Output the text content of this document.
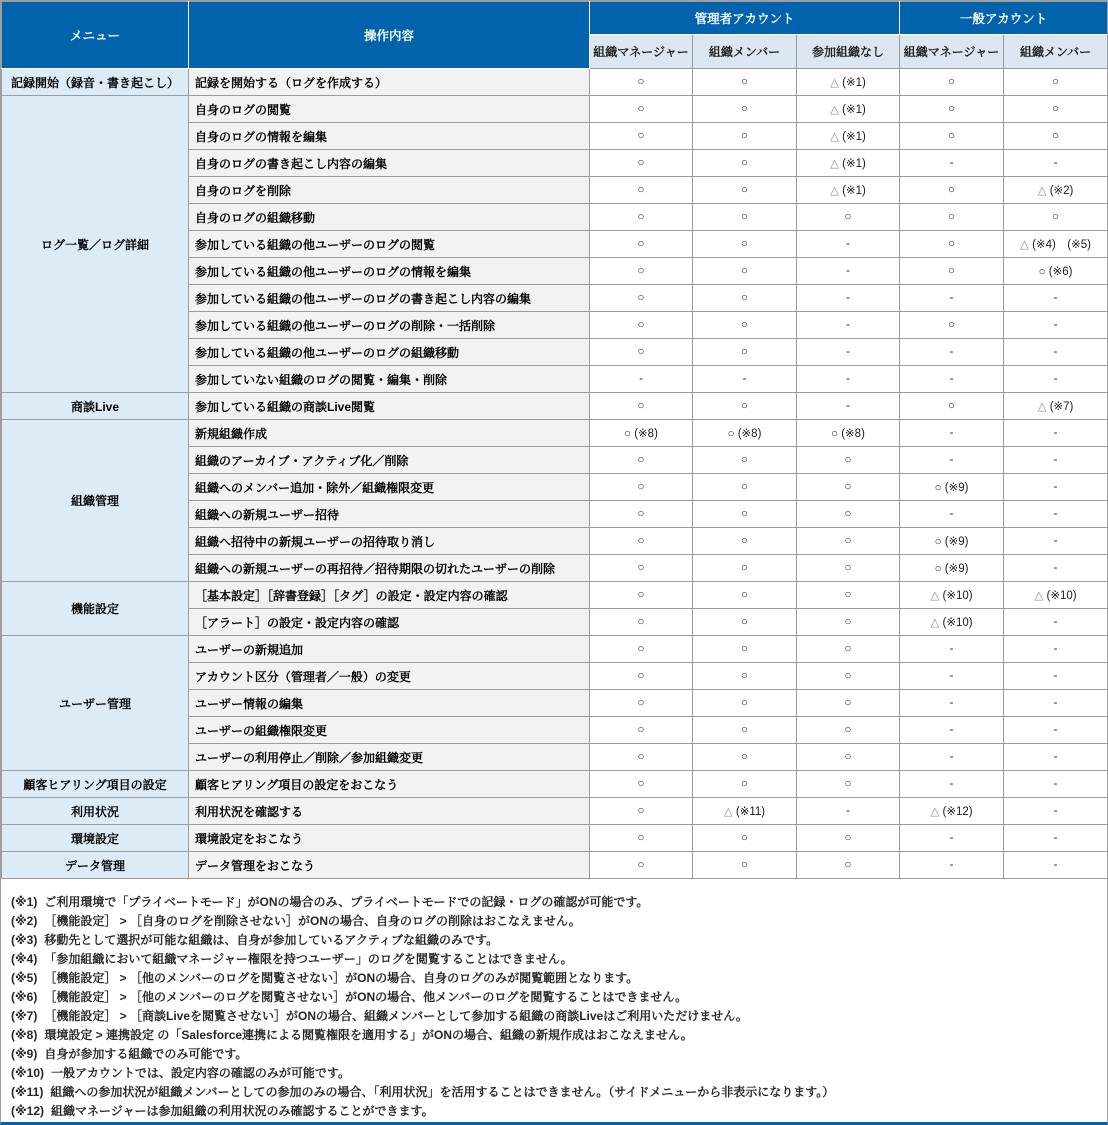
メニュー	操作内容	管理者アカウント			一般アカウント	
		組織マネージャー	組織メンバー	参加組織なし	組織マネージャー	組織メンバー
記録開始（録音・書き起こし）	記録を開始する（ログを作成する）	○	○	△ (※1)	○	○
ログ一覧／ログ詳細	自身のログの閲覧	○	○	△ (※1)	○	○
	自身のログの情報を編集	○	○	△ (※1)	○	○
	自身のログの書き起こし内容の編集	○	○	△ (※1)	-	-
	自身のログを削除	○	○	△ (※1)	○	△ (※2)
	自身のログの組織移動	○	○	○	○	○
	参加している組織の他ユーザーのログの閲覧	○	○	-	○	△ (※4)　(※5)
	参加している組織の他ユーザーのログの情報を編集	○	○	-	○	○ (※6)
	参加している組織の他ユーザーのログの書き起こし内容の編集	○	○	-	-	-
	参加している組織の他ユーザーのログの削除・一括削除	○	○	-	○	-
	参加している組織の他ユーザーのログの組織移動	○	○	-	-	-
	参加していない組織のログの閲覧・編集・削除	-	-	-	-	-
商談Live	参加している組織の商談Live閲覧	○	○	-	○	△ (※7)
組織管理	新規組織作成	○ (※8)	○ (※8)	○ (※8)	-	-
	組織のアーカイブ・アクティブ化／削除	○	○	○	-	-
	組織へのメンバー追加・除外／組織権限変更	○	○	○	○ (※9)	-
	組織への新規ユーザー招待	○	○	○	-	-
	組織へ招待中の新規ユーザーの招待取り消し	○	○	○	○ (※9)	-
	組織への新規ユーザーの再招待／招待期限の切れたユーザーの削除	○	○	○	○ (※9)	-
機能設定	［基本設定］［辞書登録］［タグ］の設定・設定内容の確認	○	○	○	△ (※10)	△ (※10)
	［アラート］の設定・設定内容の確認	○	○	○	△ (※10)	-
ユーザー管理	ユーザーの新規追加	○	○	○	-	-
	アカウント区分（管理者／一般）の変更	○	○	○	-	-
	ユーザー情報の編集	○	○	○	-	-
	ユーザーの組織権限変更	○	○	○	-	-
	ユーザーの利用停止／削除／参加組織変更	○	○	○	-	-
顧客ヒアリング項目の設定	顧客ヒアリング項目の設定をおこなう	○	○	○	-	-
利用状況	利用状況を確認する	○	△ (※11)	-	△ (※12)	-
環境設定	環境設定をおこなう	○	○	○	-	-
データ管理	データ管理をおこなう	○	○	○	-	-
(※1) ご利用環境で「プライベートモード」がONの場合のみ、プライベートモードでの記録・ログの確認が可能です。
(※2) ［機能設定］ > ［自身のログを削除させない］がONの場合、自身のログの削除はおこなえません。
(※3) 移動先として選択が可能な組織は、自身が参加しているアクティブな組織のみです。
(※4) 「参加組織において組織マネージャー権限を持つユーザー」のログを閲覧することはできません。
(※5) ［機能設定］ > ［他のメンバーのログを閲覧させない］がONの場合、自身のログのみが閲覧範囲となります。
(※6) ［機能設定］ > ［他のメンバーのログを閲覧させない］がONの場合、他メンバーのログを閲覧することはできません。
(※7) ［機能設定］ > ［商談Liveを閲覧させない］がONの場合、組織メンバーとして参加する組織の商談Liveはご利用いただけません。
(※8) 環境設定 > 連携設定 の「Salesforce連携による閲覧権限を適用する」がONの場合、組織の新規作成はおこなえません。
(※9) 自身が参加する組織でのみ可能です。
(※10) 一般アカウントでは、設定内容の確認のみが可能です。
(※11) 組織への参加状況が組織メンバーとしての参加のみの場合、「利用状況」を活用することはできません。（サイドメニューから非表示になります。）
(※12) 組織マネージャーは参加組織の利用状況のみ確認することができます。
